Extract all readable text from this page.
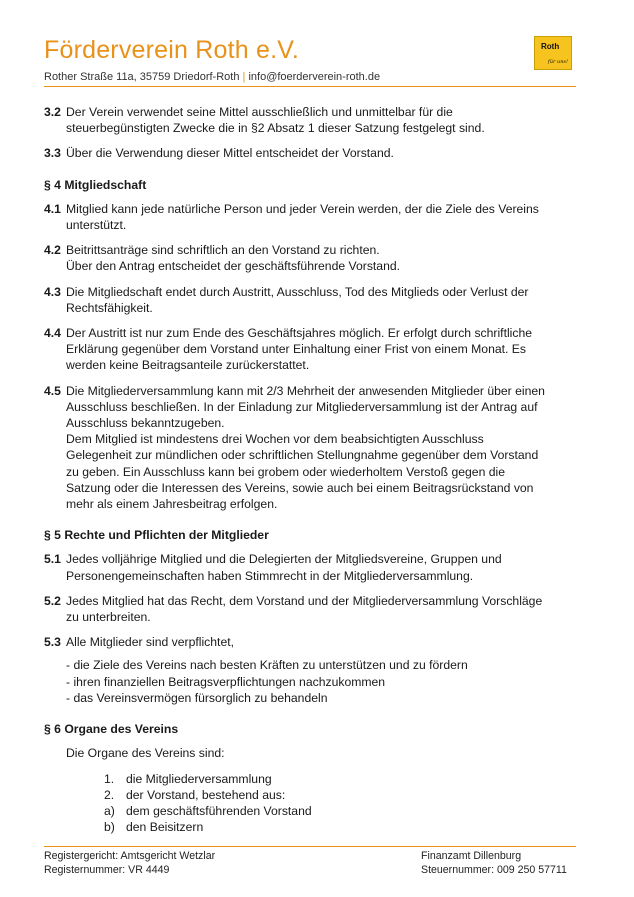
Förderverein Roth e.V.	Roth
für uns!
Rother Straße 11a, 35759 Driedorf-Roth | info@foerderverein-roth.de
3.2 Der Verein verwendet seine Mittel ausschließlich und unmittelbar für die
steuerbegünstigten Zwecke die in §2 Absatz 1 dieser Satzung festgelegt sind.
3.3 Über die Verwendung dieser Mittel entscheidet der Vorstand.
§ 4 Mitgliedschaft
4.1 Mitglied kann jede natürliche Person und jeder Verein werden, der die Ziele des Vereins
unterstützt.
4.2 Beitrittsanträge sind schriftlich an den Vorstand zu richten.
Über den Antrag entscheidet der geschäftsführende Vorstand.
4.3 Die Mitgliedschaft endet durch Austritt, Ausschluss, Tod des Mitglieds oder Verlust der
Rechtsfähigkeit.
4.4 Der Austritt ist nur zum Ende des Geschäftsjahres möglich. Er erfolgt durch schriftliche
Erklärung gegenüber dem Vorstand unter Einhaltung einer Frist von einem Monat. Es
werden keine Beitragsanteile zurückerstattet.
4.5 Die Mitgliederversammlung kann mit 2/3 Mehrheit der anwesenden Mitglieder über einen
Ausschluss beschließen. In der Einladung zur Mitgliederversammlung ist der Antrag auf
Ausschluss bekanntzugeben.
Dem Mitglied ist mindestens drei Wochen vor dem beabsichtigten Ausschluss
Gelegenheit zur mündlichen oder schriftlichen Stellungnahme gegenüber dem Vorstand
zu geben. Ein Ausschluss kann bei grobem oder wiederholtem Verstoß gegen die
Satzung oder die Interessen des Vereins, sowie auch bei einem Beitragsrückstand von
mehr als einem Jahresbeitrag erfolgen.
§ 5 Rechte und Pflichten der Mitglieder
5.1 Jedes volljährige Mitglied und die Delegierten der Mitgliedsvereine, Gruppen und
Personengemeinschaften haben Stimmrecht in der Mitgliederversammlung.
5.2 Jedes Mitglied hat das Recht, dem Vorstand und der Mitgliederversammlung Vorschläge
zu unterbreiten.
5.3 Alle Mitglieder sind verpflichtet,
- die Ziele des Vereins nach besten Kräften zu unterstützen und zu fördern
- ihren finanziellen Beitragsverpflichtungen nachzukommen
- das Vereinsvermögen fürsorglich zu behandeln
§ 6 Organe des Vereins
Die Organe des Vereins sind:
1. die Mitgliederversammlung
2. der Vorstand, bestehend aus:
a) dem geschäftsführenden Vorstand
b) den Beisitzern
Registergericht: Amtsgericht Wetzlar
Registernummer: VR 4449
Finanzamt Dillenburg
Steuernummer: 009 250 57711
